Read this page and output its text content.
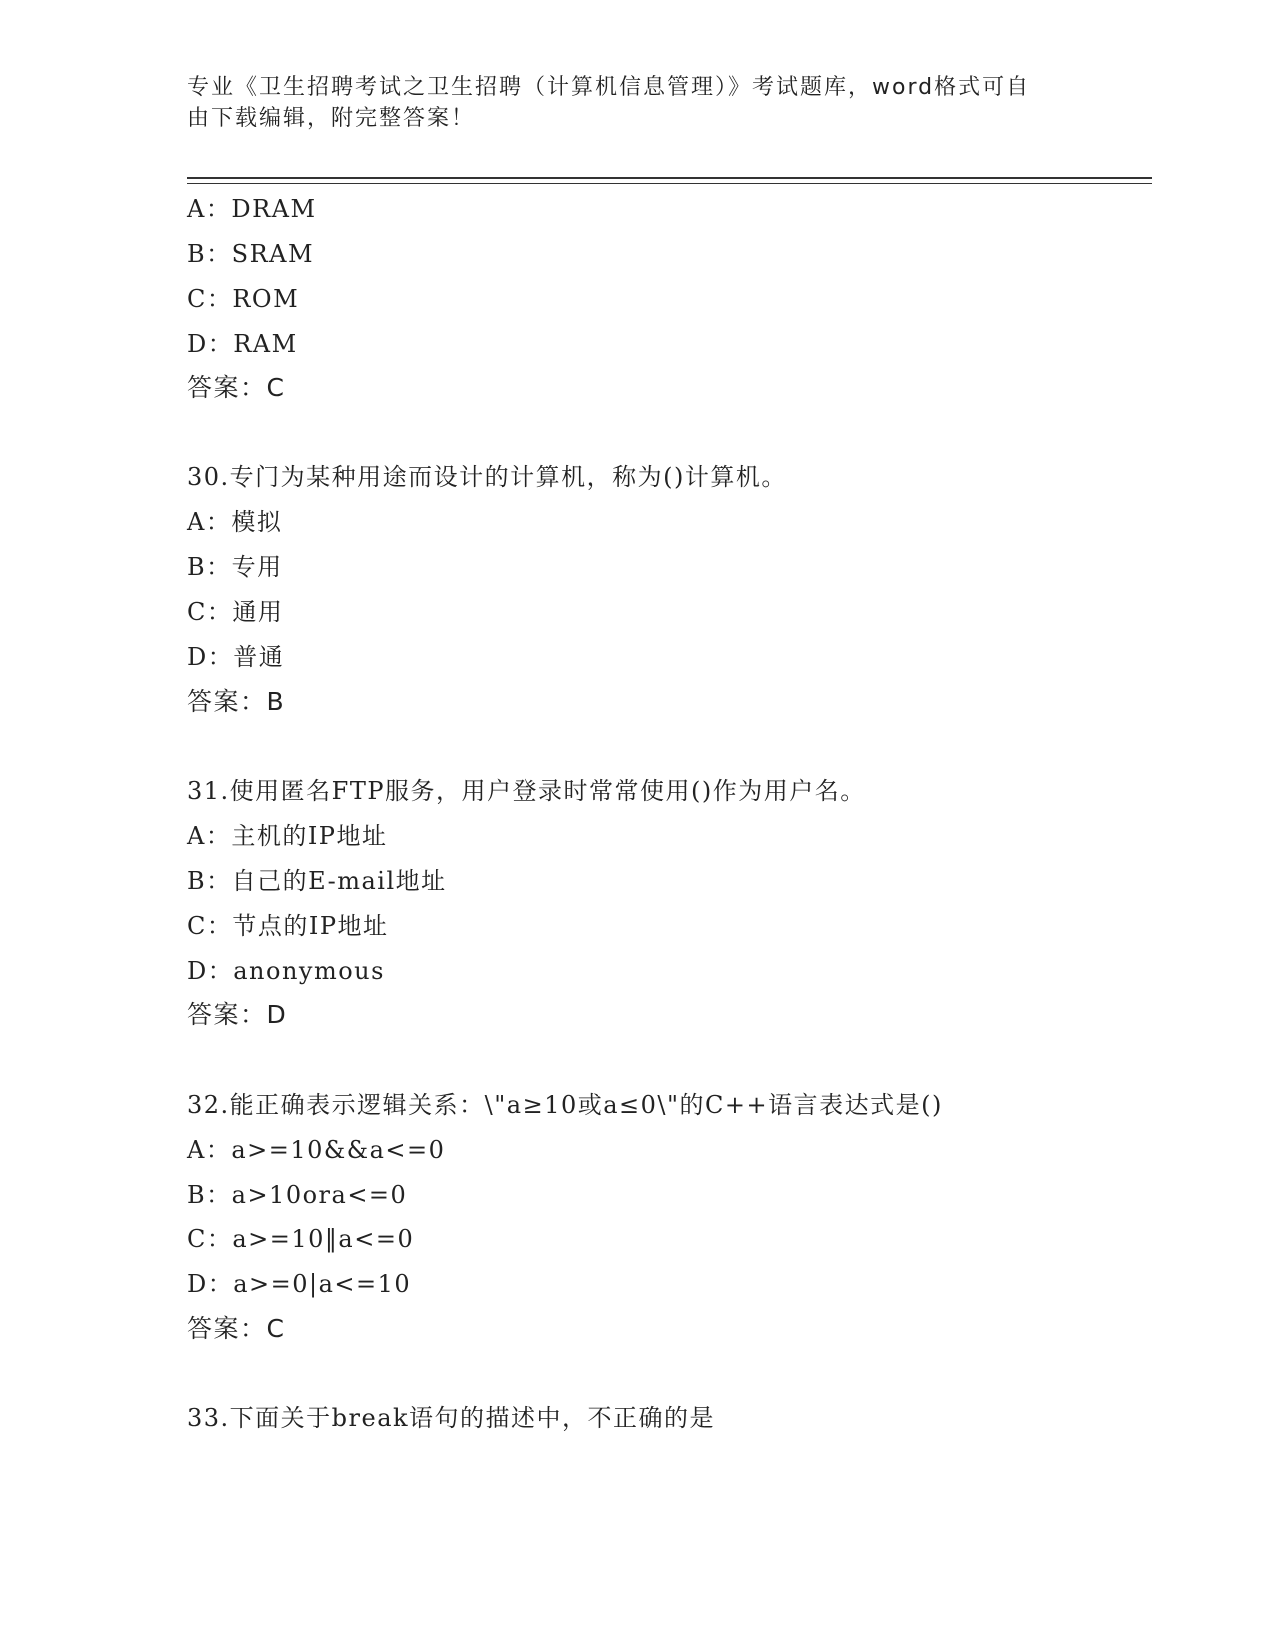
专业《卫生招聘考试之卫生招聘（计算机信息管理）》考试题库，word格式可自
由下载编辑，附完整答案！
A：DRAM
B：SRAM
C：ROM
D：RAM
答案：C
30.专门为某种用途而设计的计算机，称为()计算机。
A：模拟
B：专用
C：通用
D：普通
答案：B
31.使用匿名FTP服务，用户登录时常常使用()作为用户名。
A：主机的IP地址
B：自己的E-mail地址
C：节点的IP地址
D：anonymous
答案：D
32.能正确表示逻辑关系：\"a≥10或a≤0\"的C++语言表达式是()
A：a>=10&&a<=0
B：a>10ora<=0
C：a>=10‖a<=0
D：a>=0|a<=10
答案：C
33.下面关于break语句的描述中，不正确的是
